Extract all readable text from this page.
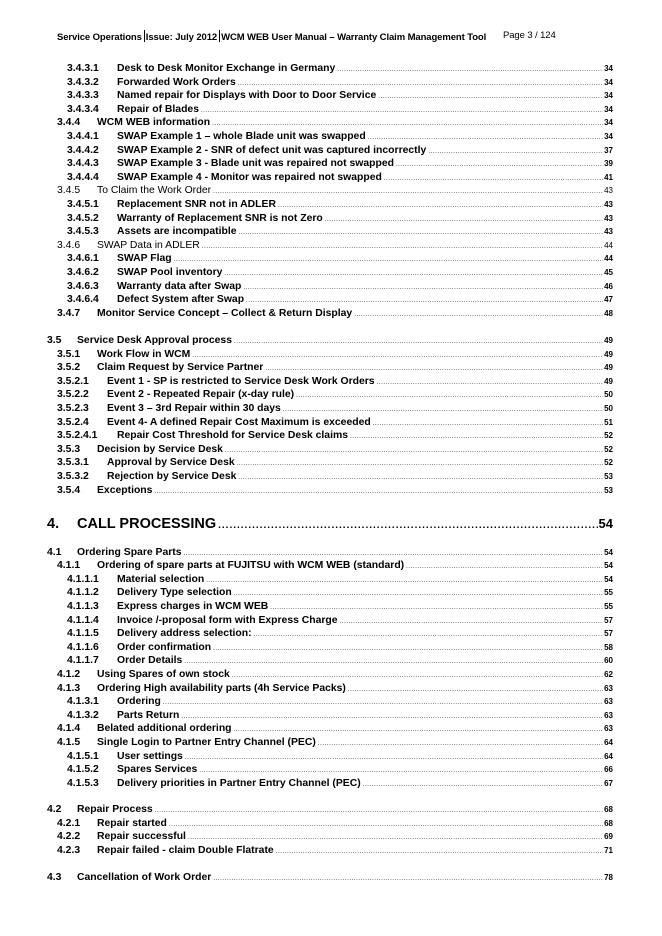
Service Operations Issue: July 2012 WCM WEB User Manual – Warranty Claim Management Tool Page 3 / 124
3.4.3.1	Desk to Desk Monitor Exchange in Germany .....	34
3.4.3.2	Forwarded Work Orders .....	34
3.4.3.3	Named repair for Displays with Door to Door Service .....	34
3.4.3.4	Repair of Blades .....	34
3.4.4	WCM WEB information .....	34
3.4.4.1	SWAP Example 1 – whole Blade unit was swapped .....	34
3.4.4.2	SWAP Example 2 - SNR of defect unit was captured incorrectly .....	37
3.4.4.3	SWAP Example 3 - Blade unit was repaired not swapped .....	39
3.4.4.4	SWAP Example 4 - Monitor was repaired not swapped .....	41
3.4.5	To Claim the Work Order .....	43
3.4.5.1	Replacement SNR not in ADLER .....	43
3.4.5.2	Warranty of Replacement SNR is not Zero .....	43
3.4.5.3	Assets are incompatible .....	43
3.4.6	SWAP Data in ADLER .....	44
3.4.6.1	SWAP Flag .....	44
3.4.6.2	SWAP Pool inventory .....	45
3.4.6.3	Warranty data after Swap .....	46
3.4.6.4	Defect System after Swap .....	47
3.4.7	Monitor Service Concept – Collect & Return Display .....	48
3.5	Service Desk Approval process .....	49
3.5.1	Work Flow in WCM .....	49
3.5.2	Claim Request by Service Partner .....	49
3.5.2.1	Event 1 - SP is restricted to Service Desk Work Orders .....	49
3.5.2.2	Event 2 - Repeated Repair (x-day rule) .....	50
3.5.2.3	Event 3 – 3rd Repair within 30 days .....	50
3.5.2.4	Event 4- A defined Repair Cost Maximum is exceeded .....	51
3.5.2.4.1	Repair Cost Threshold for Service Desk claims .....	52
3.5.3	Decision by Service Desk .....	52
3.5.3.1	Approval by Service Desk .....	52
3.5.3.2	Rejection by Service Desk .....	53
3.5.4	Exceptions .....	53
4.	CALL PROCESSING .....	54
4.1	Ordering Spare Parts .....	54
4.1.1	Ordering of spare parts at FUJITSU with WCM WEB (standard) .....	54
4.1.1.1	Material selection .....	54
4.1.1.2	Delivery Type selection .....	55
4.1.1.3	Express charges in WCM WEB .....	55
4.1.1.4	Invoice /-proposal form with Express Charge .....	57
4.1.1.5	Delivery address selection: .....	57
4.1.1.6	Order confirmation .....	58
4.1.1.7	Order Details .....	60
4.1.2	Using Spares of own stock .....	62
4.1.3	Ordering High availability parts (4h Service Packs) .....	63
4.1.3.1	Ordering .....	63
4.1.3.2	Parts Return .....	63
4.1.4	Belated additional ordering .....	63
4.1.5	Single Login to Partner Entry Channel (PEC) .....	64
4.1.5.1	User settings .....	64
4.1.5.2	Spares Services .....	66
4.1.5.3	Delivery priorities in Partner Entry Channel (PEC) .....	67
4.2	Repair Process .....	68
4.2.1	Repair started .....	68
4.2.2	Repair successful .....	69
4.2.3	Repair failed - claim Double Flatrate .....	71
4.3	Cancellation of Work Order .....	78
